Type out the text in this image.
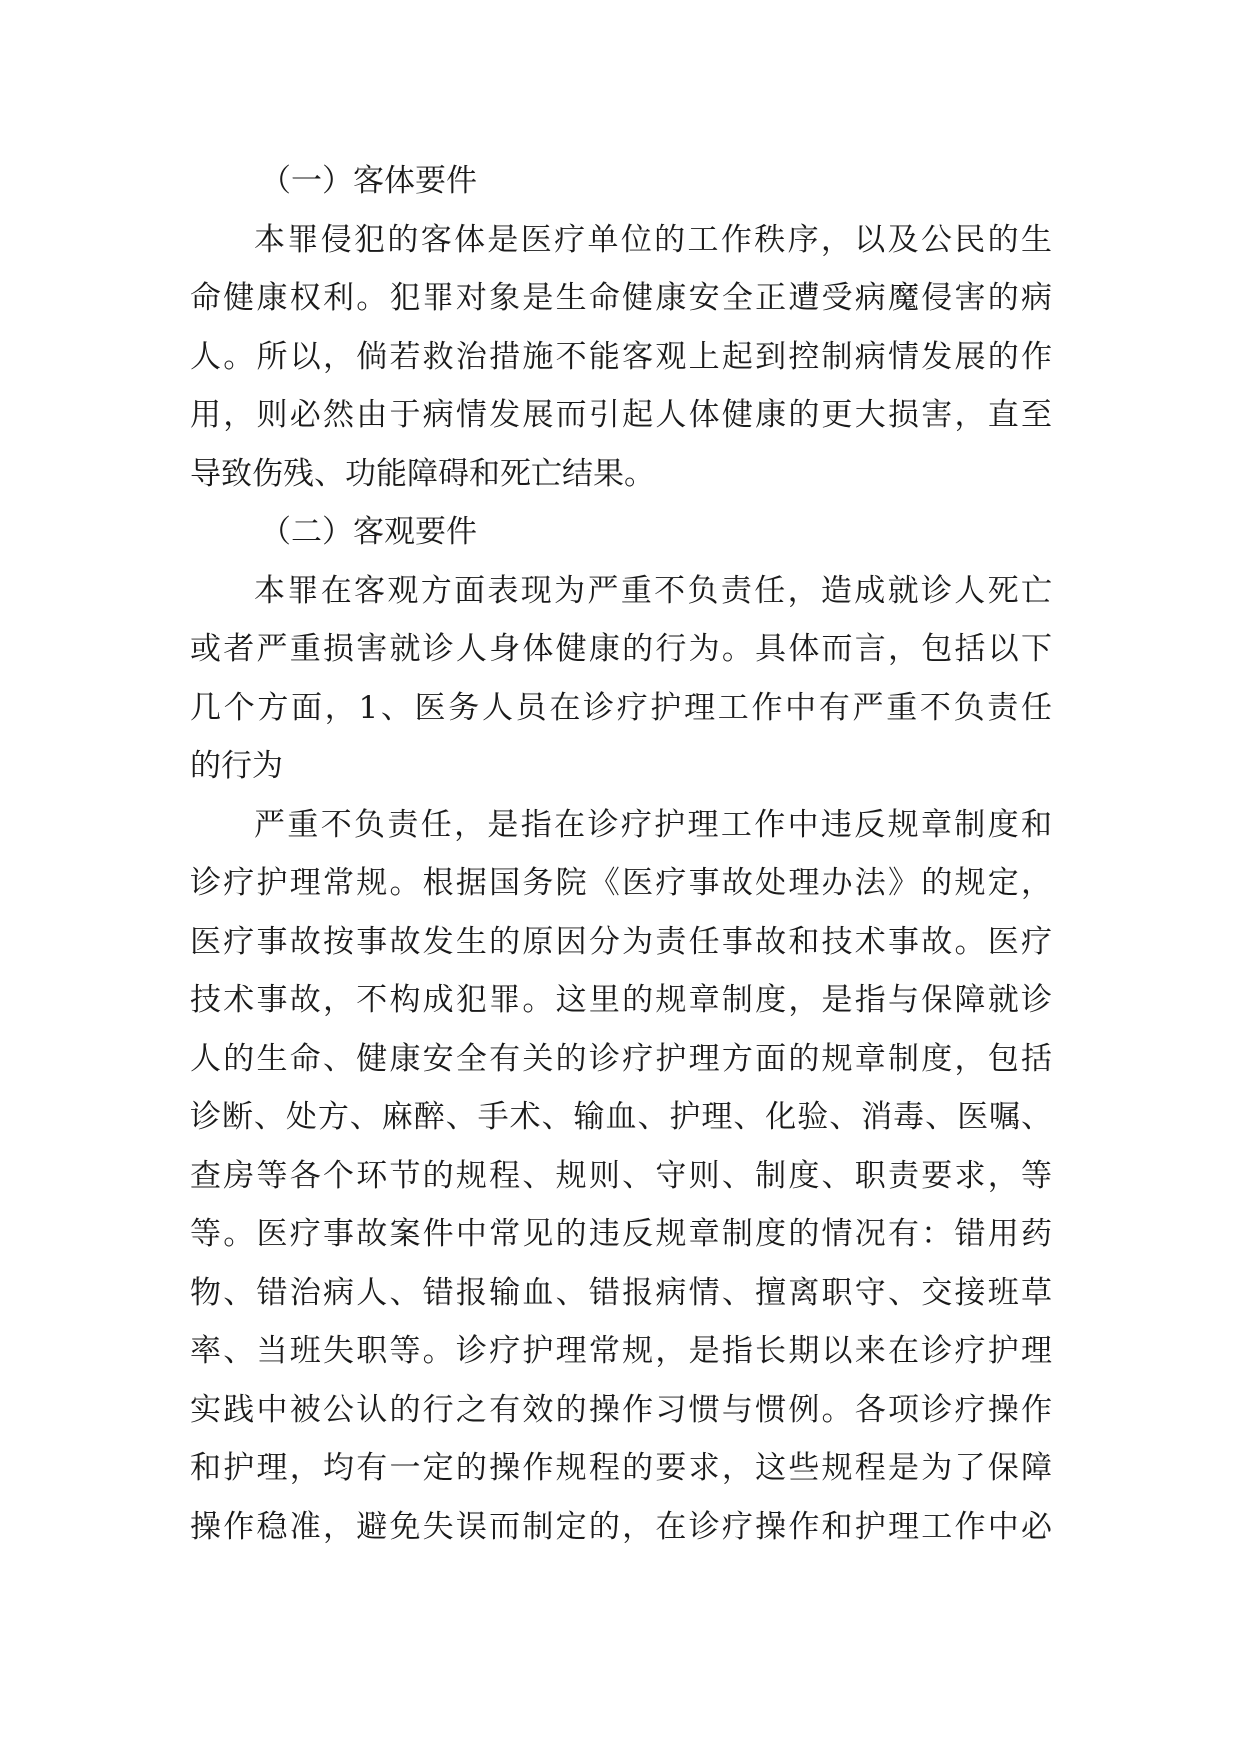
（一）客体要件
本罪侵犯的客体是医疗单位的工作秩序，以及公民的生
命健康权利。犯罪对象是生命健康安全正遭受病魔侵害的病
人。所以，倘若救治措施不能客观上起到控制病情发展的作
用，则必然由于病情发展而引起人体健康的更大损害，直至
导致伤残、功能障碍和死亡结果。
（二）客观要件
本罪在客观方面表现为严重不负责任，造成就诊人死亡
或者严重损害就诊人身体健康的行为。具体而言，包括以下
几个方面，1、医务人员在诊疗护理工作中有严重不负责任
的行为
严重不负责任，是指在诊疗护理工作中违反规章制度和
诊疗护理常规。根据国务院《医疗事故处理办法》的规定，
医疗事故按事故发生的原因分为责任事故和技术事故。医疗
技术事故，不构成犯罪。这里的规章制度，是指与保障就诊
人的生命、健康安全有关的诊疗护理方面的规章制度，包括
诊断、处方、麻醉、手术、输血、护理、化验、消毒、医嘱、
查房等各个环节的规程、规则、守则、制度、职责要求，等
等。医疗事故案件中常见的违反规章制度的情况有：错用药
物、错治病人、错报输血、错报病情、擅离职守、交接班草
率、当班失职等。诊疗护理常规，是指长期以来在诊疗护理
实践中被公认的行之有效的操作习惯与惯例。各项诊疗操作
和护理，均有一定的操作规程的要求，这些规程是为了保障
操作稳准，避免失误而制定的，在诊疗操作和护理工作中必
